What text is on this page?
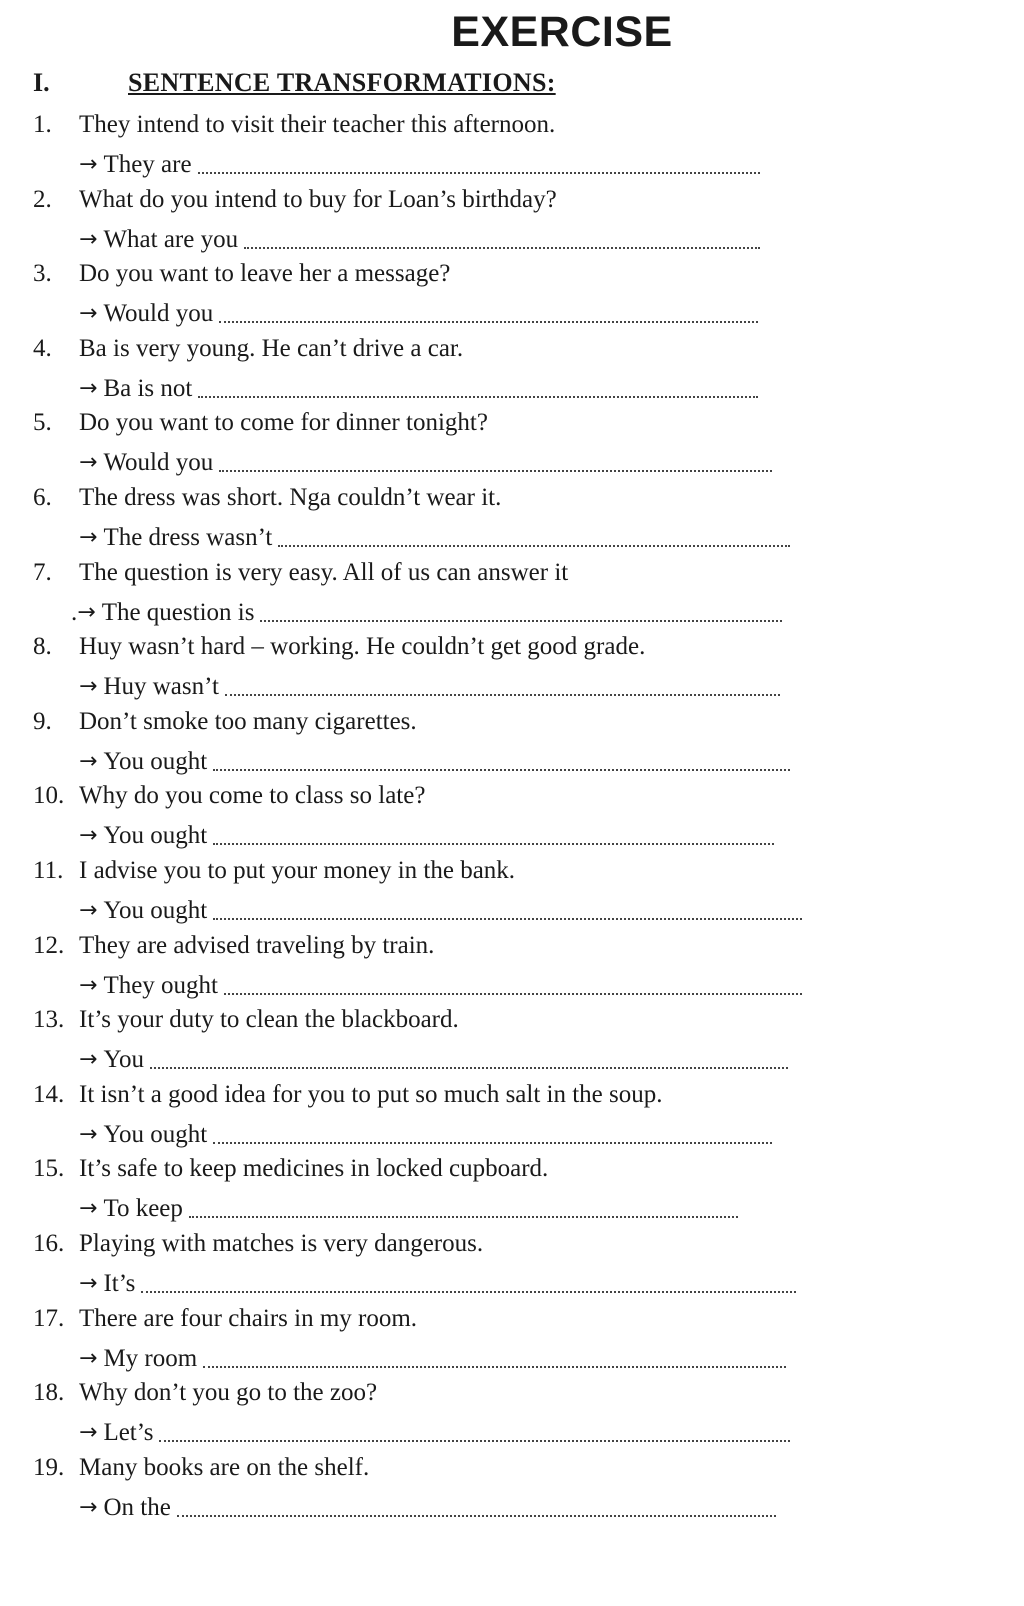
EXERCISE
I.	SENTENCE TRANSFORMATIONS:
1. They intend to visit their teacher this afternoon.
→ They are
2. What do you intend to buy for Loan’s birthday?
→ What are you
3. Do you want to leave her a message?
→ Would you
4. Ba is very young. He can’t drive a car.
→ Ba is not
5. Do you want to come for dinner tonight?
→ Would you
6. The dress was short. Nga couldn’t wear it.
→ The dress wasn’t
7. The question is very easy. All of us can answer it
. → The question is
8. Huy wasn’t hard – working. He couldn’t get good grade.
→ Huy wasn’t
9. Don’t smoke too many cigarettes.
→ You ought
10. Why do you come to class so late?
→ You ought
11. I advise you to put your money in the bank.
→ You ought
12. They are advised traveling by train.
→ They ought
13. It’s your duty to clean the blackboard.
→ You
14. It isn’t a good idea for you to put so much salt in the soup.
→ You ought
15. It’s safe to keep medicines in locked cupboard.
→ To keep
16. Playing with matches is very dangerous.
→ It’s
17. There are four chairs in my room.
→ My room
18. Why don’t you go to the zoo?
→ Let’s
19. Many books are on the shelf.
→ On the
